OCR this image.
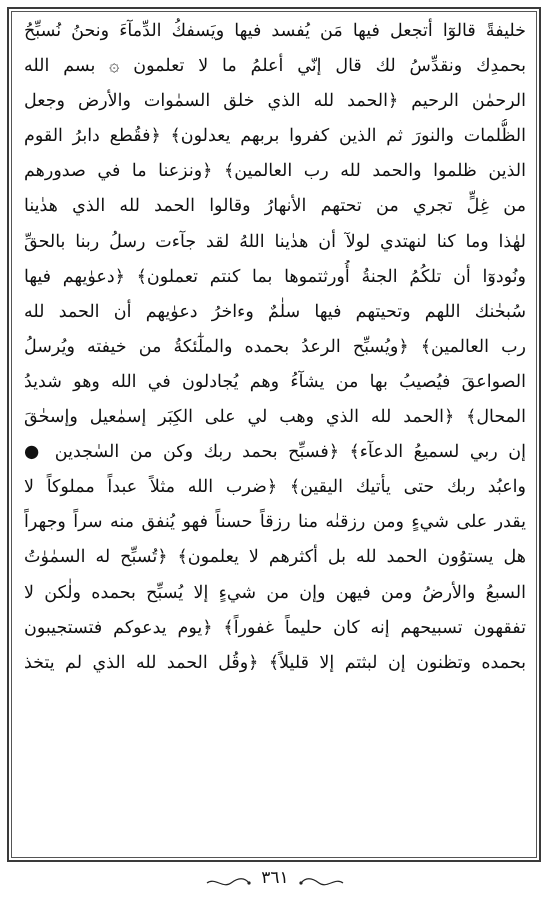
خليفةً قالوٓا أتجعل فيها مَن يُفسد فيها ويَسفكُ الدِّمآءَ ونحنُ نُسبِّحُ
بحمدِك ونقدِّسُ لك قال إنّي أعلمُ ما لا تعلمون ۞ بسم الله
الرحمٰن الرحيم ﴿الحمد لله الذي خلق السمٰوات والأرض وجعل
الظُّلمات والنورَ ثم الذين كفروا بربهم يعدلون﴾ ﴿فقُطع دابرُ القوم
الذين ظلموا والحمد لله رب العالمين﴾ ﴿ونزعنا ما في صدورهم
من غِلٍّ تجري من تحتهم الأنهارُ وقالوا الحمد لله الذي هدٰينا
لهٰذا وما كنا لنهتدي لولآ أن هدٰينا اللهُ لقد جآءت رسلُ ربنا بالحقِّ
ونُودوٓا أن تلكُمُ الجنةُ أُورثتموها بما كنتم تعملون﴾ ﴿دعوٰيهم فيها
سُبحٰنك اللهم وتحيتهم فيها سلٰمٌ وءاخرُ دعوٰيهم أن الحمد لله
رب العالمين﴾ ﴿ويُسبِّح الرعدُ بحمده والملٰٓئكةُ من خيفته ويُرسلُ
الصواعقَ فيُصيبُ بها من يشآءُ وهم يُجادلون في الله وهو شديدُ
المحال﴾ ﴿الحمد لله الذي وهب لي على الكِبَر إسمٰعيل وإسحٰقَ
إن ربي لسميعُ الدعآء﴾ ﴿فسبِّح بحمد ربك وكن من السٰجدين ●
واعبُد ربك حتى يأتيك اليقين﴾ ﴿ضرب الله مثلاً عبداً مملوكاً لا
يقدر على شيءٍ ومن رزقنٰه منا رزقاً حسناً فهو يُنفق منه سراً وجهراً
هل يستوُون الحمد لله بل أكثرهم لا يعلمون﴾ ﴿تُسبِّح له السمٰوٰتُ
السبعُ والأرضُ ومن فيهن وإن من شيءٍ إلا يُسبِّح بحمده ولٰكن لا
تفقهون تسبيحهم إنه كان حليماً غفوراً﴾ ﴿يوم يدعوكم فتستجيبون
بحمده وتظنون إن لبثتم إلا قليلاً﴾ ﴿وقُل الحمد لله الذي لم يتخذ
٣٦١
